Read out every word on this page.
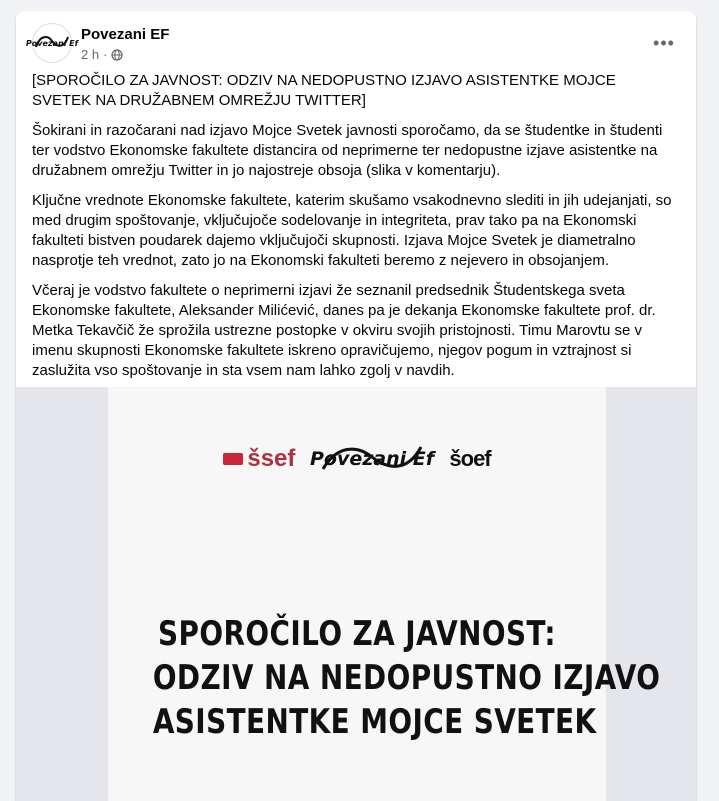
Povezani Ef
Povezani EF
2 h ·
•••

[SPOROČILO ZA JAVNOST: ODZIV NA NEDOPUSTNO IZJAVO ASISTENTKE MOJCE SVETEK NA DRUŽABNEM OMREŽJU TWITTER]

Šokirani in razočarani nad izjavo Mojce Svetek javnosti sporočamo, da se študentke in študenti ter vodstvo Ekonomske fakultete distancira od neprimerne ter nedopustne izjave asistentke na družabnem omrežju Twitter in jo najostreje obsoja (slika v komentarju).

Ključne vrednote Ekonomske fakultete, katerim skušamo vsakodnevno slediti in jih udejanjati, so med drugim spoštovanje, vključujoče sodelovanje in integriteta, prav tako pa na Ekonomski fakulteti bistven poudarek dajemo vključujoči skupnosti. Izjava Mojce Svetek je diametralno nasprotje teh vrednot, zato jo na Ekonomski fakulteti beremo z nejevero in obsojanjem.

Včeraj je vodstvo fakultete o neprimerni izjavi že seznanil predsednik Študentskega sveta Ekonomske fakultete, Aleksander Milićević, danes pa je dekanja Ekonomske fakultete prof. dr. Metka Tekavčič že sprožila ustrezne postopke v okviru svojih pristojnosti. Timu Marovtu se v imenu skupnosti Ekonomske fakultete iskreno opravičujemo, njegov pogum in vztrajnost si zaslužita vso spoštovanje in sta vsem nam lahko zgolj v navdih.

šsef Povezani Ef šoef
SPOROČILO ZA JAVNOST:
ODZIV NA NEDOPUSTNO IZJAVO
ASISTENTKE MOJCE SVETEK
